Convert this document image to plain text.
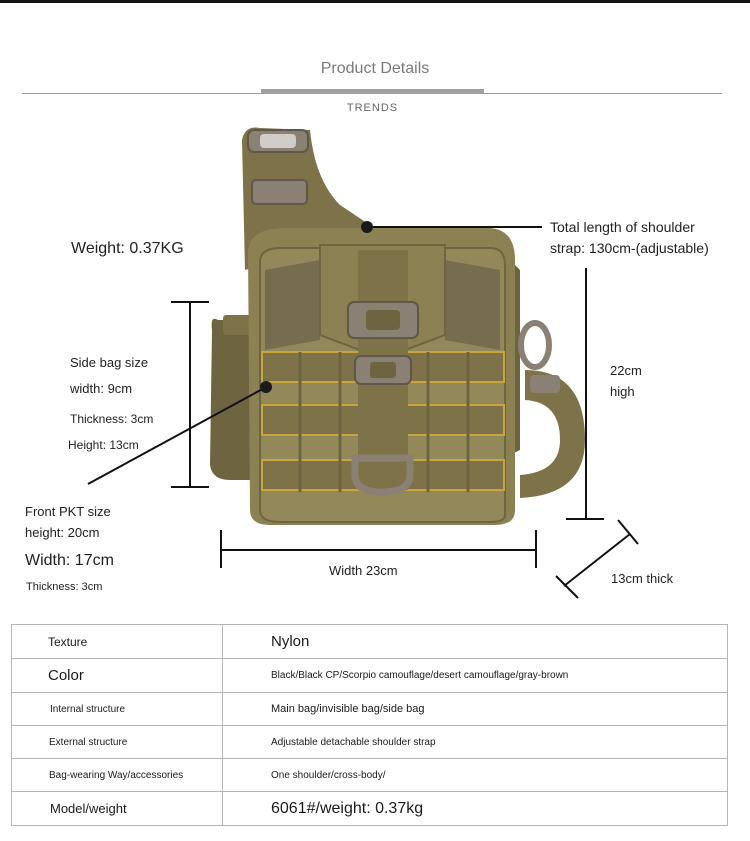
Product Details
TRENDS
Weight: 0.37KG
Total length of shoulder
strap: 130cm-(adjustable)
Side bag size
width: 9cm
Thickness: 3cm
Height: 13cm
22cm
high
Front PKT size
height: 20cm
Width: 17cm
Thickness: 3cm
Width 23cm
13cm thick
Texture	Nylon
Color	Black/Black CP/Scorpio camouflage/desert camouflage/gray-brown
Internal structure	Main bag/invisible bag/side bag
External structure	Adjustable detachable shoulder strap
Bag-wearing Way/accessories	One shoulder/cross-body/
Model/weight	6061#/weight: 0.37kg
